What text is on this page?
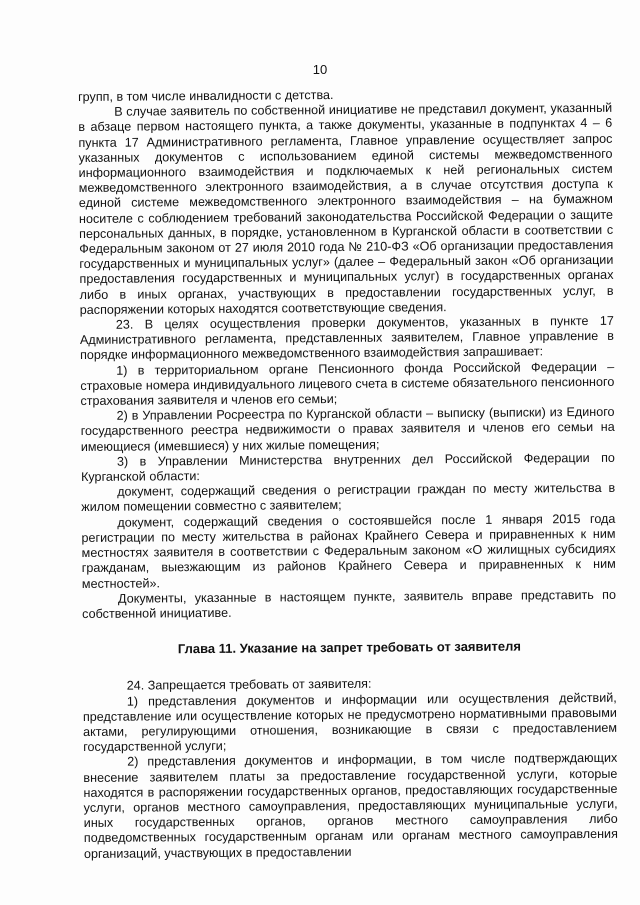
10

групп, в том числе инвалидности с детства.

В случае заявитель по собственной инициативе не представил документ, указанный в абзаце первом настоящего пункта, а также документы, указанные в подпунктах 4 – 6 пункта 17 Административного регламента, Главное управление осуществляет запрос указанных документов с использованием единой системы межведомственного информационного взаимодействия и подключаемых к ней региональных систем межведомственного электронного взаимодействия, а в случае отсутствия доступа к единой системе межведомственного электронного взаимодействия – на бумажном носителе с соблюдением требований законодательства Российской Федерации о защите персональных данных, в порядке, установленном в Курганской области в соответствии с Федеральным законом от 27 июля 2010 года № 210-ФЗ «Об организации предоставления государственных и муниципальных услуг» (далее – Федеральный закон «Об организации предоставления государственных и муниципальных услуг) в государственных органах либо в иных органах, участвующих в предоставлении государственных услуг, в распоряжении которых находятся соответствующие сведения.

23. В целях осуществления проверки документов, указанных в пункте 17 Административного регламента, представленных заявителем, Главное управление в порядке информационного межведомственного взаимодействия запрашивает:

1) в территориальном органе Пенсионного фонда Российской Федерации – страховые номера индивидуального лицевого счета в системе обязательного пенсионного страхования заявителя и членов его семьи;

2) в Управлении Росреестра по Курганской области – выписку (выписки) из Единого государственного реестра недвижимости о правах заявителя и членов его семьи на имеющиеся (имевшиеся) у них жилые помещения;

3) в Управлении Министерства внутренних дел Российской Федерации по Курганской области:

документ, содержащий сведения о регистрации граждан по месту жительства в жилом помещении совместно с заявителем;

документ, содержащий сведения о состоявшейся после 1 января 2015 года регистрации по месту жительства в районах Крайнего Севера и приравненных к ним местностях заявителя в соответствии с Федеральным законом «О жилищных субсидиях гражданам, выезжающим из районов Крайнего Севера и приравненных к ним местностей».

Документы, указанные в настоящем пункте, заявитель вправе представить по собственной инициативе.

Глава 11. Указание на запрет требовать от заявителя

24. Запрещается требовать от заявителя:

1) представления документов и информации или осуществления действий, представление или осуществление которых не предусмотрено нормативными правовыми актами, регулирующими отношения, возникающие в связи с предоставлением государственной услуги;

2) представления документов и информации, в том числе подтверждающих внесение заявителем платы за предоставление государственной услуги, которые находятся в распоряжении государственных органов, предоставляющих государственные услуги, органов местного самоуправления, предоставляющих муниципальные услуги, иных государственных органов, органов местного самоуправления либо подведомственных государственным органам или органам местного самоуправления организаций, участвующих в предоставлении
